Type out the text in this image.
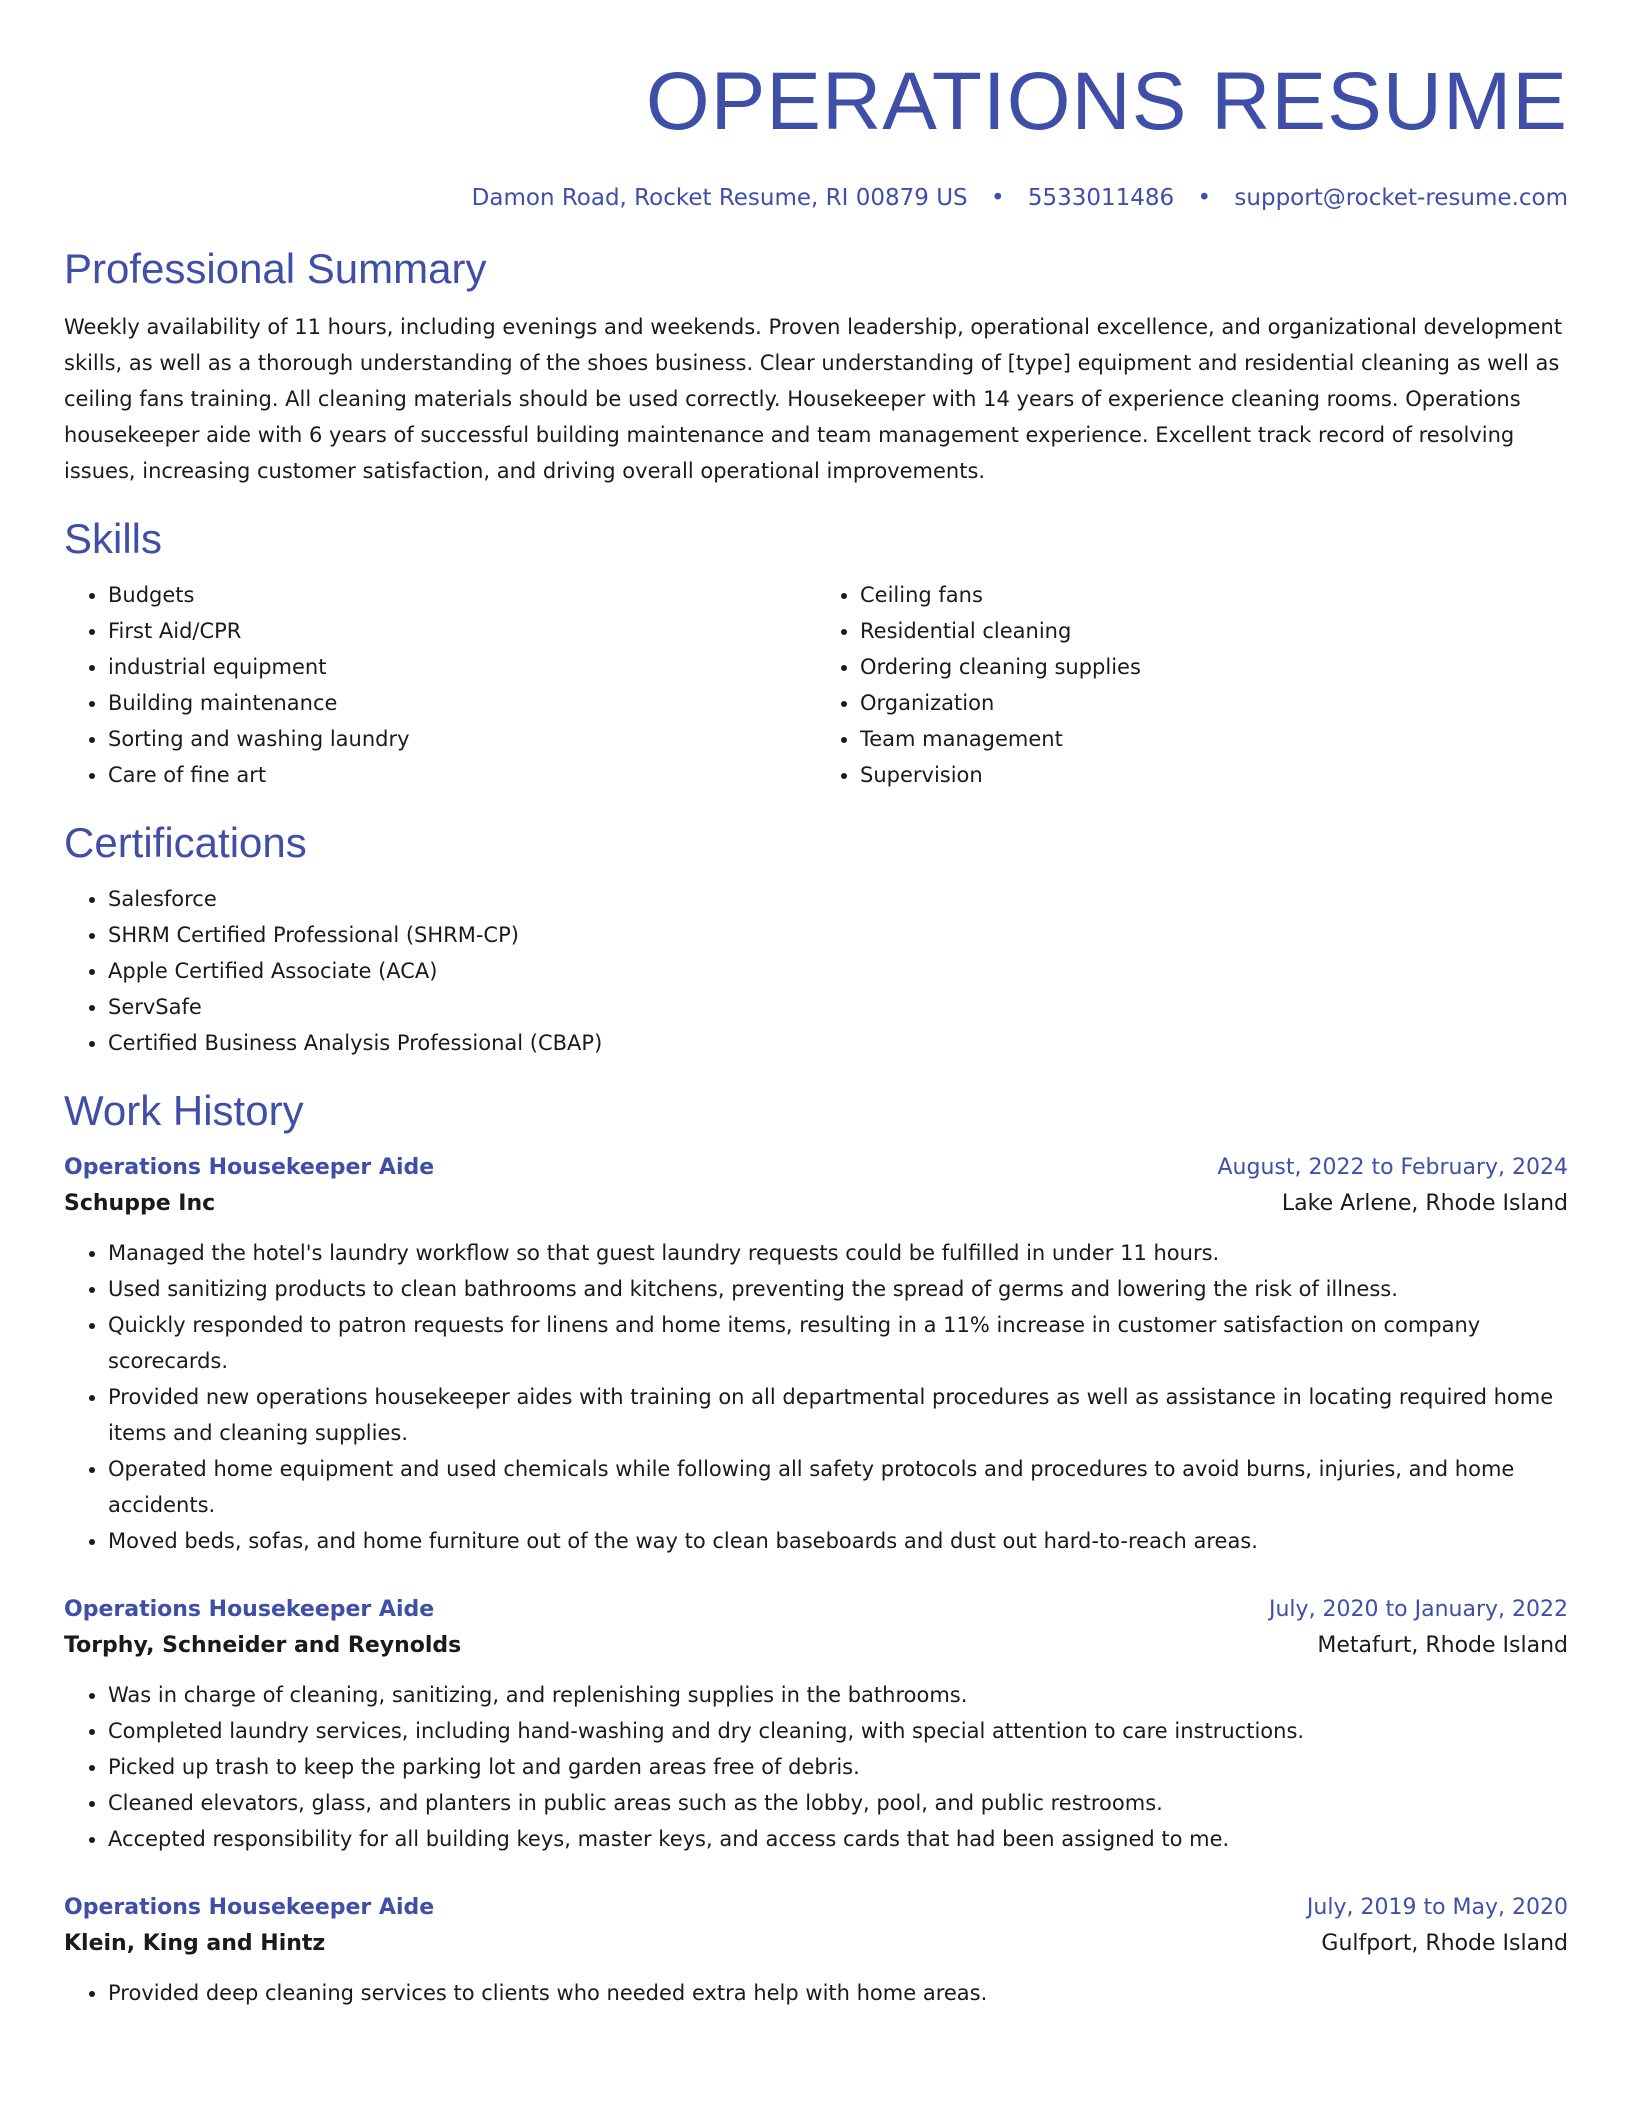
OPERATIONS RESUME
Damon Road, Rocket Resume, RI 00879 US • 5533011486 • support@rocket-resume.com
Professional Summary
Weekly availability of 11 hours, including evenings and weekends. Proven leadership, operational excellence, and organizational development skills, as well as a thorough understanding of the shoes business. Clear understanding of [type] equipment and residential cleaning as well as ceiling fans training. All cleaning materials should be used correctly. Housekeeper with 14 years of experience cleaning rooms. Operations housekeeper aide with 6 years of successful building maintenance and team management experience. Excellent track record of resolving issues, increasing customer satisfaction, and driving overall operational improvements.
Skills
• Budgets
• First Aid/CPR
• industrial equipment
• Building maintenance
• Sorting and washing laundry
• Care of fine art
• Ceiling fans
• Residential cleaning
• Ordering cleaning supplies
• Organization
• Team management
• Supervision
Certifications
• Salesforce
• SHRM Certified Professional (SHRM-CP)
• Apple Certified Associate (ACA)
• ServSafe
• Certified Business Analysis Professional (CBAP)
Work History
Operations Housekeeper Aide	August, 2022 to February, 2024
Schuppe Inc	Lake Arlene, Rhode Island
• Managed the hotel's laundry workflow so that guest laundry requests could be fulfilled in under 11 hours.
• Used sanitizing products to clean bathrooms and kitchens, preventing the spread of germs and lowering the risk of illness.
• Quickly responded to patron requests for linens and home items, resulting in a 11% increase in customer satisfaction on company scorecards.
• Provided new operations housekeeper aides with training on all departmental procedures as well as assistance in locating required home items and cleaning supplies.
• Operated home equipment and used chemicals while following all safety protocols and procedures to avoid burns, injuries, and home accidents.
• Moved beds, sofas, and home furniture out of the way to clean baseboards and dust out hard-to-reach areas.
Operations Housekeeper Aide	July, 2020 to January, 2022
Torphy, Schneider and Reynolds	Metafurt, Rhode Island
• Was in charge of cleaning, sanitizing, and replenishing supplies in the bathrooms.
• Completed laundry services, including hand-washing and dry cleaning, with special attention to care instructions.
• Picked up trash to keep the parking lot and garden areas free of debris.
• Cleaned elevators, glass, and planters in public areas such as the lobby, pool, and public restrooms.
• Accepted responsibility for all building keys, master keys, and access cards that had been assigned to me.
Operations Housekeeper Aide	July, 2019 to May, 2020
Klein, King and Hintz	Gulfport, Rhode Island
• Provided deep cleaning services to clients who needed extra help with home areas.
